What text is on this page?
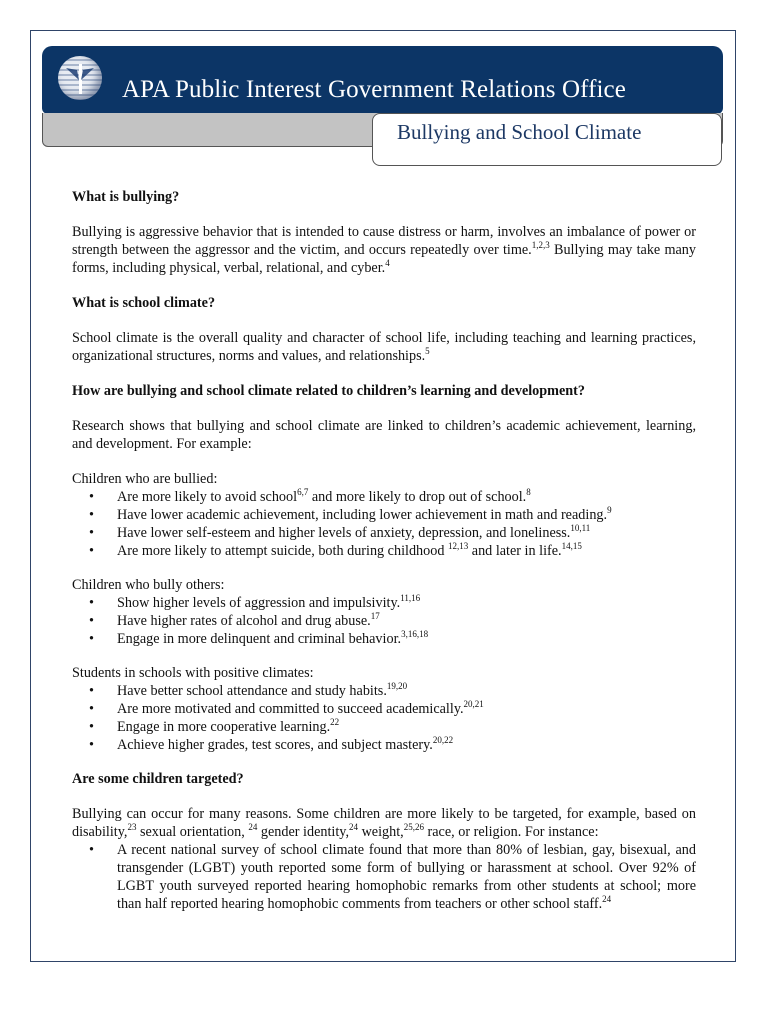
APA Public Interest Government Relations Office
Bullying and School Climate

What is bullying?

Bullying is aggressive behavior that is intended to cause distress or harm, involves an imbalance of power or strength between the aggressor and the victim, and occurs repeatedly over time.$^{1,2,3}$ Bullying may take many forms, including physical, verbal, relational, and cyber.$^4$

What is school climate?

School climate is the overall quality and character of school life, including teaching and learning practices, organizational structures, norms and values, and relationships.$^5$

How are bullying and school climate related to children’s learning and development?

Research shows that bullying and school climate are linked to children’s academic achievement, learning, and development. For example:

Children who are bullied:

• Are more likely to avoid school$^{6,7}$ and more likely to drop out of school.$^8$
• Have lower academic achievement, including lower achievement in math and reading.$^9$
• Have lower self-esteem and higher levels of anxiety, depression, and loneliness.$^{10,11}$
• Are more likely to attempt suicide, both during childhood $^{12,13}$ and later in life.$^{14,15}$

Children who bully others:

• Show higher levels of aggression and impulsivity.$^{11,16}$
• Have higher rates of alcohol and drug abuse.$^{17}$
• Engage in more delinquent and criminal behavior.$^{3,16,18}$

Students in schools with positive climates:

• Have better school attendance and study habits.$^{19,20}$
• Are more motivated and committed to succeed academically.$^{20,21}$
• Engage in more cooperative learning.$^{22}$
• Achieve higher grades, test scores, and subject mastery.$^{20,22}$

Are some children targeted?

Bullying can occur for many reasons. Some children are more likely to be targeted, for example, based on disability,$^{23}$ sexual orientation, $^{24}$ gender identity,$^{24}$ weight,$^{25,26}$ race, or religion. For instance:

• A recent national survey of school climate found that more than 80% of lesbian, gay, bisexual, and transgender (LGBT) youth reported some form of bullying or harassment at school. Over 92% of LGBT youth surveyed reported hearing homophobic remarks from other students at school; more than half reported hearing homophobic comments from teachers or other school staff.$^{24}$
